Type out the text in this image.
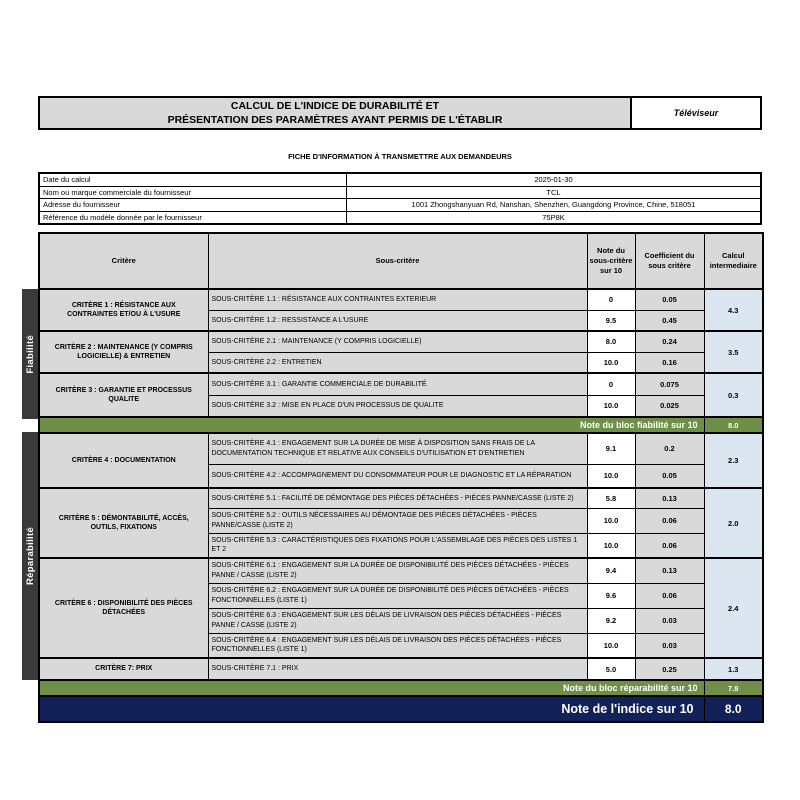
CALCUL DE L'INDICE DE DURABILITÉ ET
PRÉSENTATION DES PARAMÈTRES AYANT PERMIS DE L'ÉTABLIR
Téléviseur
FICHE D'INFORMATION À TRANSMETTRE AUX DEMANDEURS
Date du calcul	2025-01-30
Nom ou marque commerciale du fournisseur	TCL
Adresse du fournisseur	1001 Zhongshanyuan Rd, Nanshan, Shenzhen, Guangdong Province, Chine, 518051
Référence du modèle donnée par le fournisseur	75P8K
Fiabilité
Réparabilité
Critère	Sous-critère	Note du sous-critère sur 10	Coefficient du sous critère	Calcul intermediaire
CRITÈRE 1 : RÉSISTANCE AUX CONTRAINTES ET/OU À L'USURE	SOUS-CRITÈRE 1.1 : RÉSISTANCE AUX CONTRAINTES EXTERIEUR	0	0.05	4.3
	SOUS-CRITÈRE 1.2 : RESSISTANCE A L'USURE	9.5	0.45	
CRITÈRE 2 : MAINTENANCE (Y COMPRIS LOGICIELLE) & ENTRETIEN	SOUS-CRITÈRE 2.1 : MAINTENANCE (Y COMPRIS LOGICIELLE)	8.0	0.24	3.5
	SOUS-CRITÈRE 2.2 : ENTRETIEN	10.0	0.16	
CRITÈRE 3 : GARANTIE ET PROCESSUS QUALITE	SOUS-CRITÈRE 3.1 : GARANTIE COMMERCIALE DE DURABILITÉ	0	0.075	0.3
	SOUS-CRITÈRE 3.2 : MISE EN PLACE D'UN PROCESSUS DE QUALITE	10.0	0.025	
Note du bloc fiabilité sur 10				8.0
CRITÈRE 4 : DOCUMENTATION	SOUS-CRITÈRE 4.1 : ENGAGEMENT SUR LA DURÉE DE MISE À DISPOSITION SANS FRAIS DE LA DOCUMENTATION TECHNIQUE ET RELATIVE AUX CONSEILS D'UTILISATION ET D'ENTRETIEN	9.1	0.2	2.3
	SOUS-CRITÈRE 4.2 : ACCOMPAGNEMENT DU CONSOMMATEUR POUR LE DIAGNOSTIC ET LA RÉPARATION	10.0	0.05	
CRITÈRE 5 : DÉMONTABILITÉ, ACCÈS, OUTILS, FIXATIONS	SOUS-CRITÈRE 5.1 : FACILITÉ DE DÉMONTAGE DES PIÈCES DÉTACHÉES - PIÈCES PANNE/CASSE (LISTE 2)	5.8	0.13	2.0
	SOUS-CRITÈRE 5.2 : OUTILS NÉCESSAIRES AU DÉMONTAGE DES PIÈCES DÉTACHÉES - PIÈCES PANNE/CASSE (LISTE 2)	10.0	0.06	
	SOUS-CRITÈRE 5.3 : CARACTÉRISTIQUES DES FIXATIONS POUR L'ASSEMBLAGE DES PIÈCES DES LISTES 1 ET 2	10.0	0.06	
CRITÈRE 6 : DISPONIBILITÉ DES PIÈCES DÉTACHÉES	SOUS-CRITÈRE 6.1 : ENGAGEMENT SUR LA DURÉE DE DISPONIBILITÉ DES PIÈCES DÉTACHÉES - PIÈCES PANNE / CASSE (LISTE 2)	9.4	0.13	2.4
	SOUS-CRITÈRE 6.2 : ENGAGEMENT SUR LA DURÉE DE DISPONIBILITÉ DES PIÈCES DÉTACHÉES - PIÈCES FONCTIONNELLES (LISTE 1)	9.6	0.06	
	SOUS-CRITÈRE 6.3 : ENGAGEMENT SUR LES DÉLAIS DE LIVRAISON DES PIÈCES DÉTACHÉES - PIÈCES PANNE / CASSE (LISTE 2)	9.2	0.03	
	SOUS-CRITÈRE 6.4 : ENGAGEMENT SUR LES DÉLAIS DE LIVRAISON DES PIÈCES DÉTACHÉES - PIÈCES FONCTIONNELLES (LISTE 1)	10.0	0.03	
CRITÈRE 7: PRIX	SOUS-CRITÈRE 7.1 : PRIX	5.0	0.25	1.3
Note du bloc réparabilité sur 10				7.9
Note de l'indice sur 10				8.0
